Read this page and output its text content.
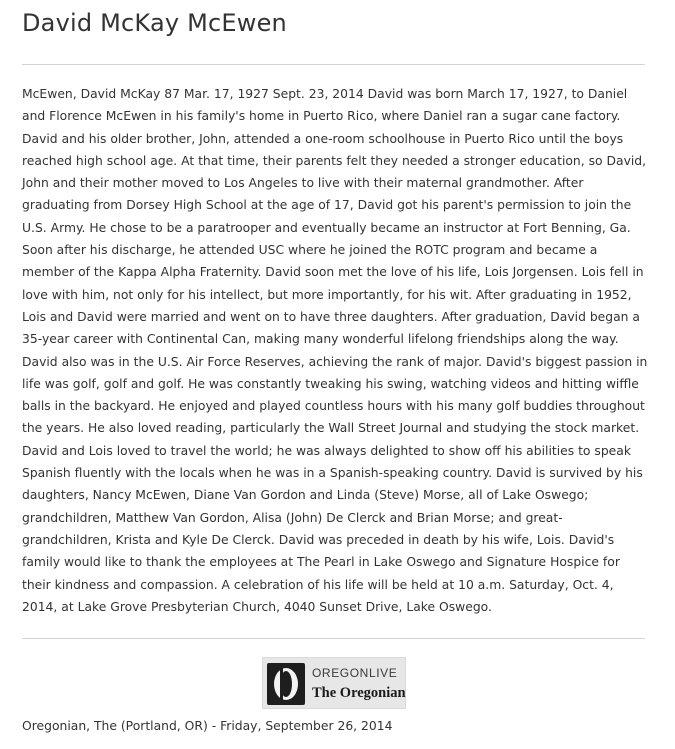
David McKay McEwen

McEwen, David McKay 87 Mar. 17, 1927 Sept. 23, 2014 David was born March 17, 1927, to Daniel and Florence McEwen in his family's home in Puerto Rico, where Daniel ran a sugar cane factory. David and his older brother, John, attended a one-room schoolhouse in Puerto Rico until the boys reached high school age. At that time, their parents felt they needed a stronger education, so David, John and their mother moved to Los Angeles to live with their maternal grandmother. After graduating from Dorsey High School at the age of 17, David got his parent's permission to join the U.S. Army. He chose to be a paratrooper and eventually became an instructor at Fort Benning, Ga. Soon after his discharge, he attended USC where he joined the ROTC program and became a member of the Kappa Alpha Fraternity. David soon met the love of his life, Lois Jorgensen. Lois fell in love with him, not only for his intellect, but more importantly, for his wit. After graduating in 1952, Lois and David were married and went on to have three daughters. After graduation, David began a 35-year career with Continental Can, making many wonderful lifelong friendships along the way. David also was in the U.S. Air Force Reserves, achieving the rank of major. David's biggest passion in life was golf, golf and golf. He was constantly tweaking his swing, watching videos and hitting wiffle balls in the backyard. He enjoyed and played countless hours with his many golf buddies throughout the years. He also loved reading, particularly the Wall Street Journal and studying the stock market. David and Lois loved to travel the world; he was always delighted to show off his abilities to speak Spanish fluently with the locals when he was in a Spanish-speaking country. David is survived by his daughters, Nancy McEwen, Diane Van Gordon and Linda (Steve) Morse, all of Lake Oswego; grandchildren, Matthew Van Gordon, Alisa (John) De Clerck and Brian Morse; and great-grandchildren, Krista and Kyle De Clerck. David was preceded in death by his wife, Lois. David's family would like to thank the employees at The Pearl in Lake Oswego and Signature Hospice for their kindness and compassion. A celebration of his life will be held at 10 a.m. Saturday, Oct. 4, 2014, at Lake Grove Presbyterian Church, 4040 Sunset Drive, Lake Oswego.

OREGONLIVE
The Oregonian

Oregonian, The (Portland, OR) - Friday, September 26, 2014
